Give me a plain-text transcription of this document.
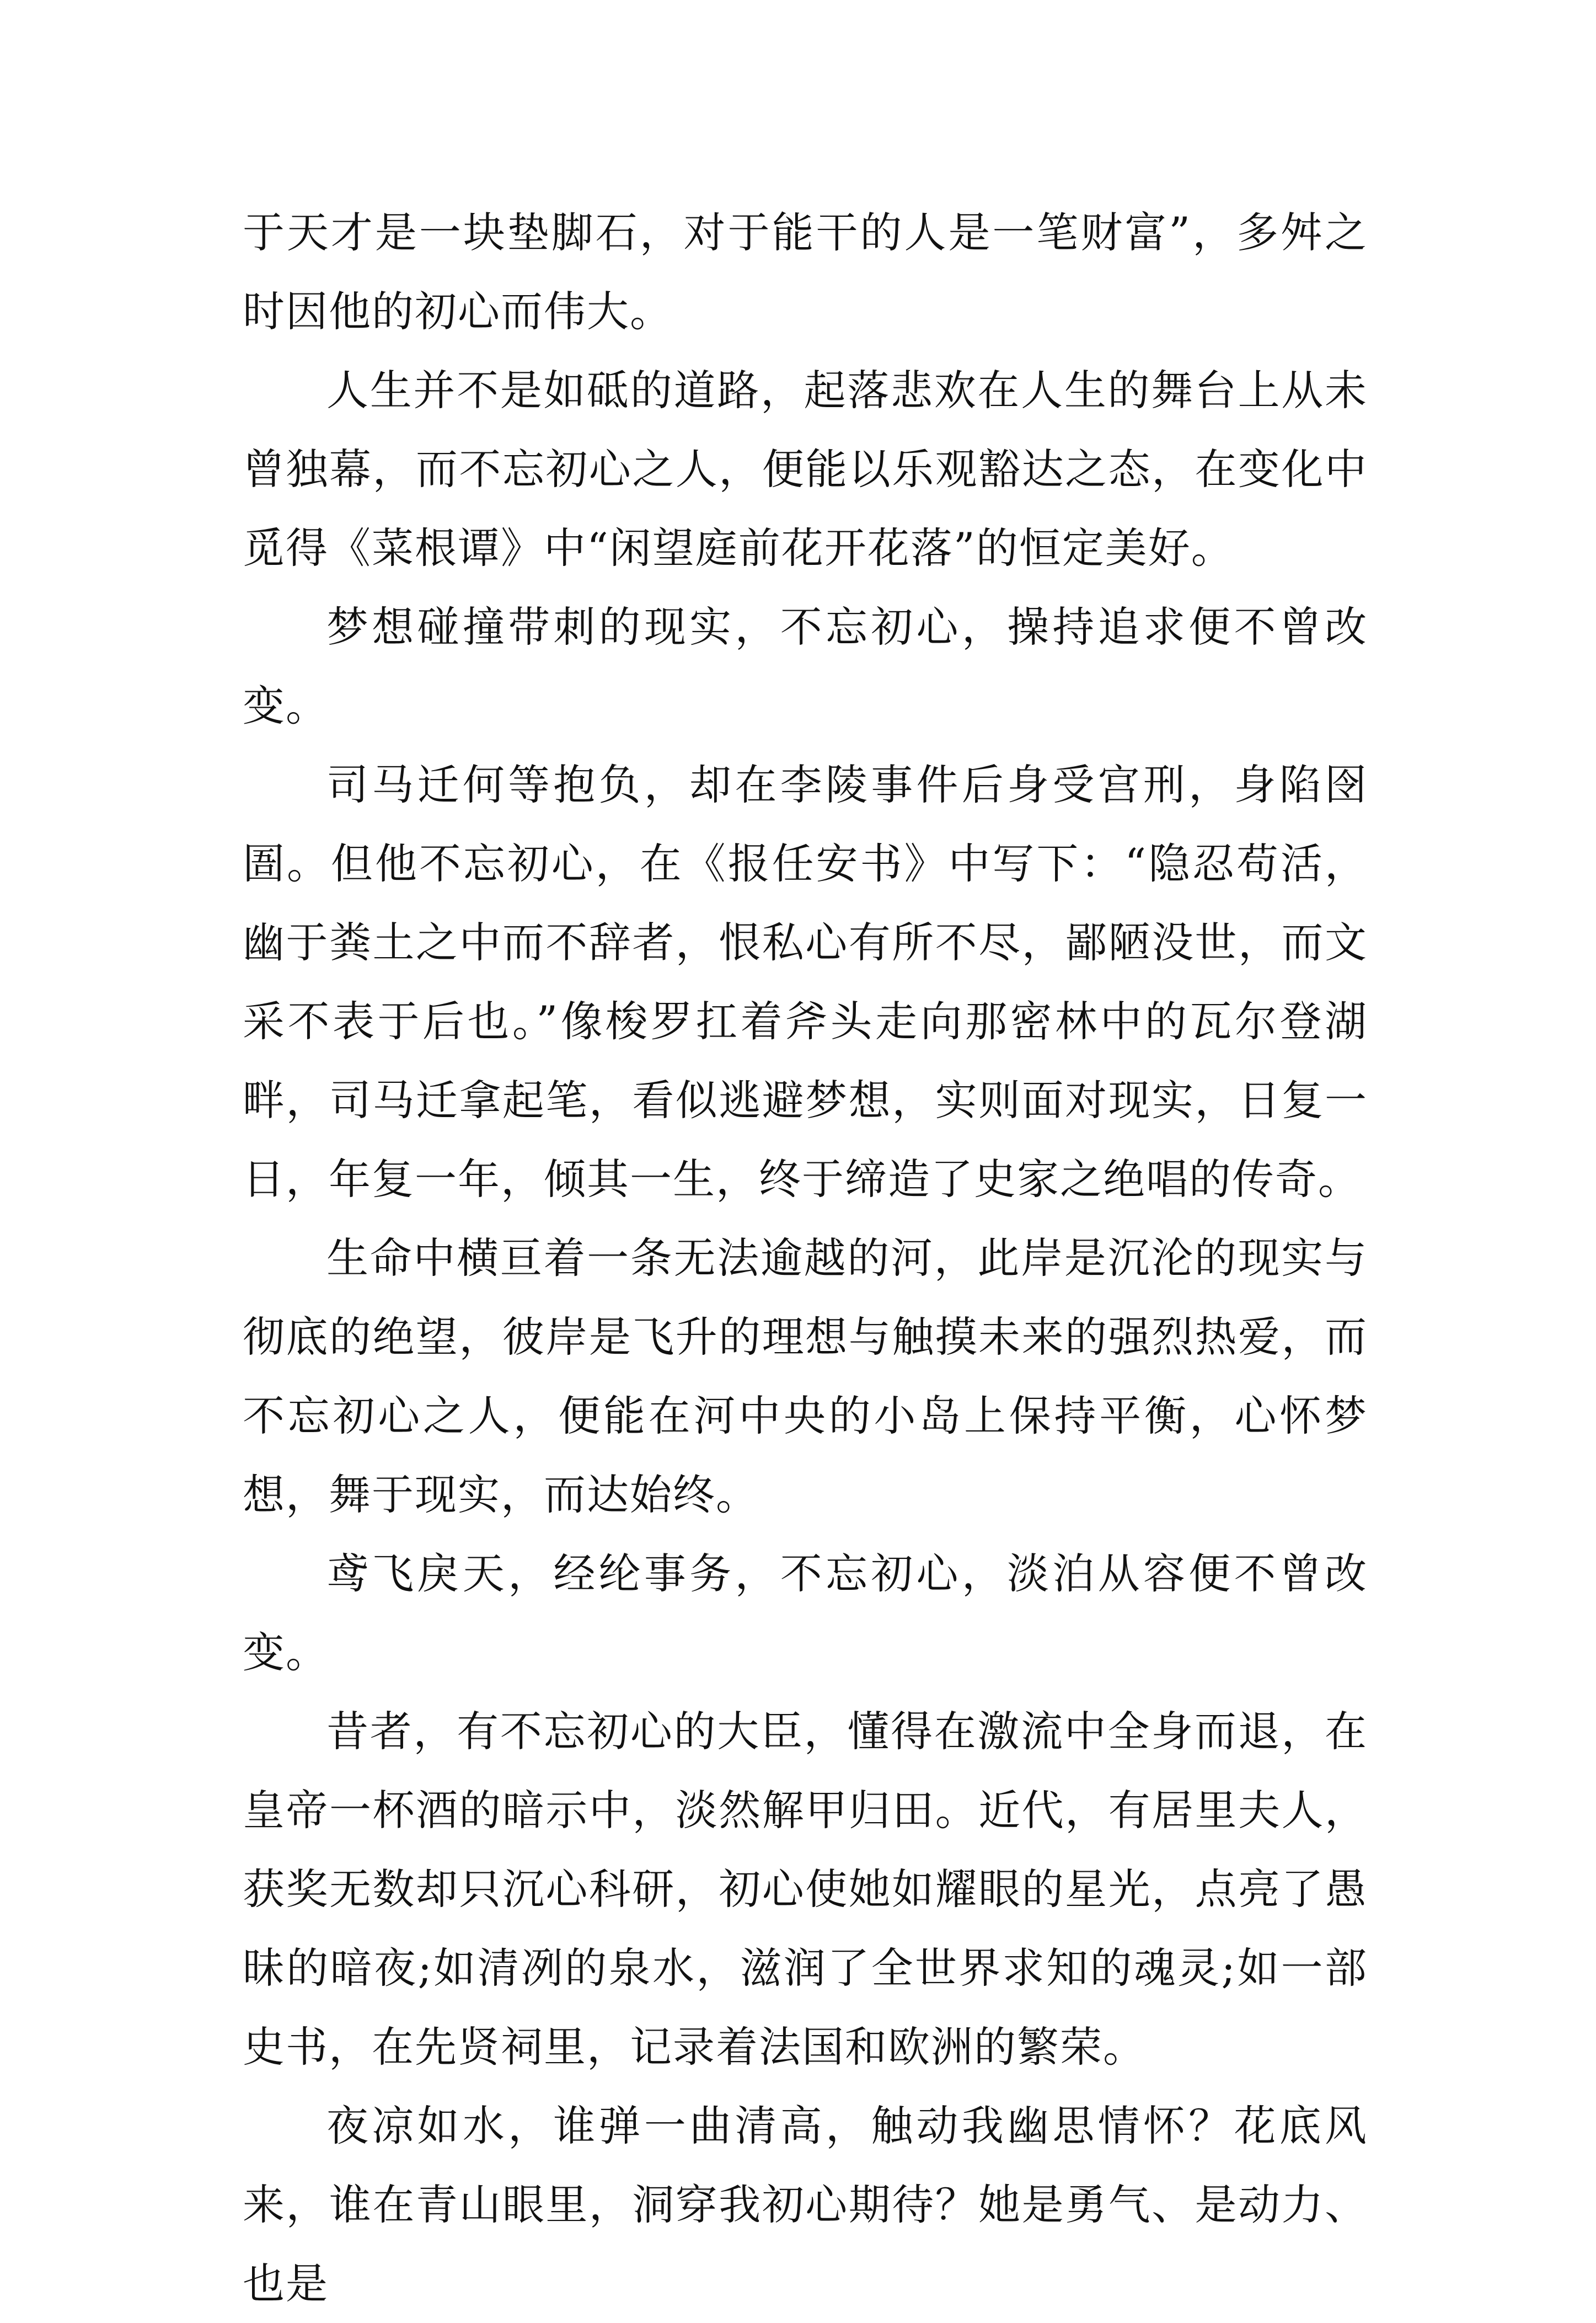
于天才是一块垫脚石，对于能干的人是一笔财富”，多舛之时因他的初心而伟大。

人生并不是如砥的道路，起落悲欢在人生的舞台上从未曾独幕，而不忘初心之人，便能以乐观豁达之态，在变化中觅得《菜根谭》中“闲望庭前花开花落”的恒定美好。

梦想碰撞带刺的现实，不忘初心，操持追求便不曾改变。

司马迁何等抱负，却在李陵事件后身受宫刑，身陷囹圄。但他不忘初心，在《报任安书》中写下：“隐忍苟活，幽于粪土之中而不辞者，恨私心有所不尽，鄙陋没世，而文采不表于后也。”像梭罗扛着斧头走向那密林中的瓦尔登湖畔，司马迁拿起笔，看似逃避梦想，实则面对现实，日复一日，年复一年，倾其一生，终于缔造了史家之绝唱的传奇。

生命中横亘着一条无法逾越的河，此岸是沉沦的现实与彻底的绝望，彼岸是飞升的理想与触摸未来的强烈热爱，而不忘初心之人，便能在河中央的小岛上保持平衡，心怀梦想，舞于现实，而达始终。

鸢飞戾天，经纶事务，不忘初心，淡泊从容便不曾改变。

昔者，有不忘初心的大臣，懂得在激流中全身而退，在皇帝一杯酒的暗示中，淡然解甲归田。近代，有居里夫人，获奖无数却只沉心科研，初心使她如耀眼的星光，点亮了愚昧的暗夜;如清冽的泉水，滋润了全世界求知的魂灵;如一部史书，在先贤祠里，记录着法国和欧洲的繁荣。

夜凉如水，谁弹一曲清高，触动我幽思情怀？花底风来，谁在青山眼里，洞穿我初心期待？她是勇气、是动力、也是
